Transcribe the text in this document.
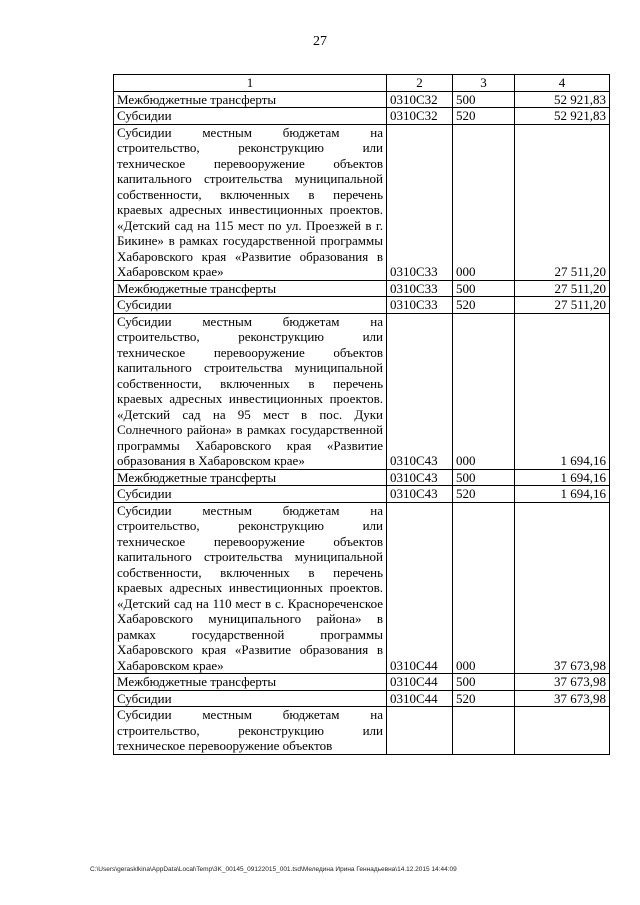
27
1	2	3	4
Межбюджетные трансферты	0310С32	500	52 921,83
Субсидии	0310С32	520	52 921,83
Субсидии местным бюджетам на строительство, реконструкцию или техническое перевооружение объектов капитального строительства муниципальной собственности, включенных в перечень краевых адресных инвестиционных проектов. «Детский сад на 115 мест по ул. Проезжей в г. Бикине» в рамках государственной программы Хабаровского края «Развитие образования в Хабаровском крае»	0310С33	000	27 511,20
Межбюджетные трансферты	0310С33	500	27 511,20
Субсидии	0310С33	520	27 511,20
Субсидии местным бюджетам на строительство, реконструкцию или техническое перевооружение объектов капитального строительства муниципальной собственности, включенных в перечень краевых адресных инвестиционных проектов. «Детский сад на 95 мест в пос. Дуки Солнечного района» в рамках государственной программы Хабаровского края «Развитие образования в Хабаровском крае»	0310С43	000	1 694,16
Межбюджетные трансферты	0310С43	500	1 694,16
Субсидии	0310С43	520	1 694,16
Субсидии местным бюджетам на строительство, реконструкцию или техническое перевооружение объектов капитального строительства муниципальной собственности, включенных в перечень краевых адресных инвестиционных проектов. «Детский сад на 110 мест в с. Краснореченское Хабаровского муниципального района» в рамках государственной программы Хабаровского края «Развитие образования в Хабаровском крае»	0310С44	000	37 673,98
Межбюджетные трансферты	0310С44	500	37 673,98
Субсидии	0310С44	520	37 673,98
Субсидии местным бюджетам на строительство, реконструкцию или техническое перевооружение объектов			
C:\Users\gerasklkina\AppData\Local\Temp\3K_00145_09122015_001.tsd\Меледина Ирина Геннадьевна\14.12.2015 14:44:09
